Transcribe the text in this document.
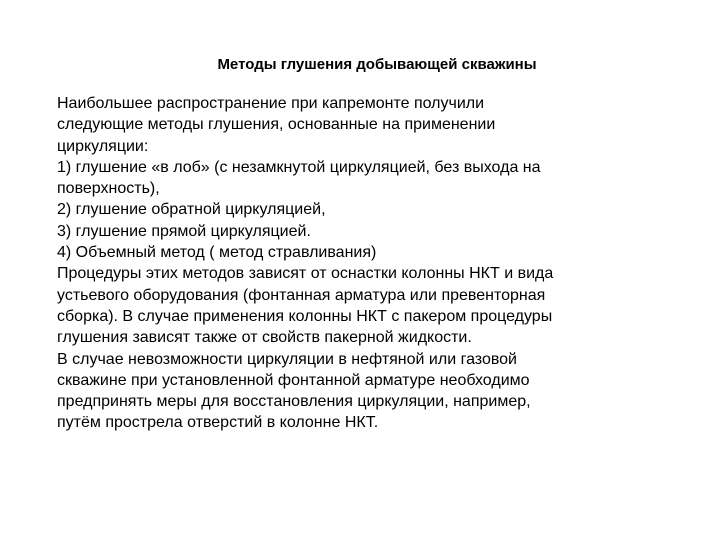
Методы глушения добывающей скважины

Наибольшее распространение при капремонте получили
следующие методы глушения, основанные на применении
циркуляции:
1) глушение «в лоб» (с незамкнутой циркуляцией, без выхода на
поверхность),
2) глушение обратной циркуляцией,
3) глушение прямой циркуляцией.
4) Объемный метод ( метод стравливания)
Процедуры этих методов зависят от оснастки колонны НКТ и вида
устьевого оборудования (фонтанная арматура или превенторная
сборка). В случае применения колонны НКТ с пакером процедуры
глушения зависят также от свойств пакерной жидкости.
В случае невозможности циркуляции в нефтяной или газовой
скважине при установленной фонтанной арматуре необходимо
предпринять меры для восстановления циркуляции, например,
путём прострела отверстий в колонне НКТ.
